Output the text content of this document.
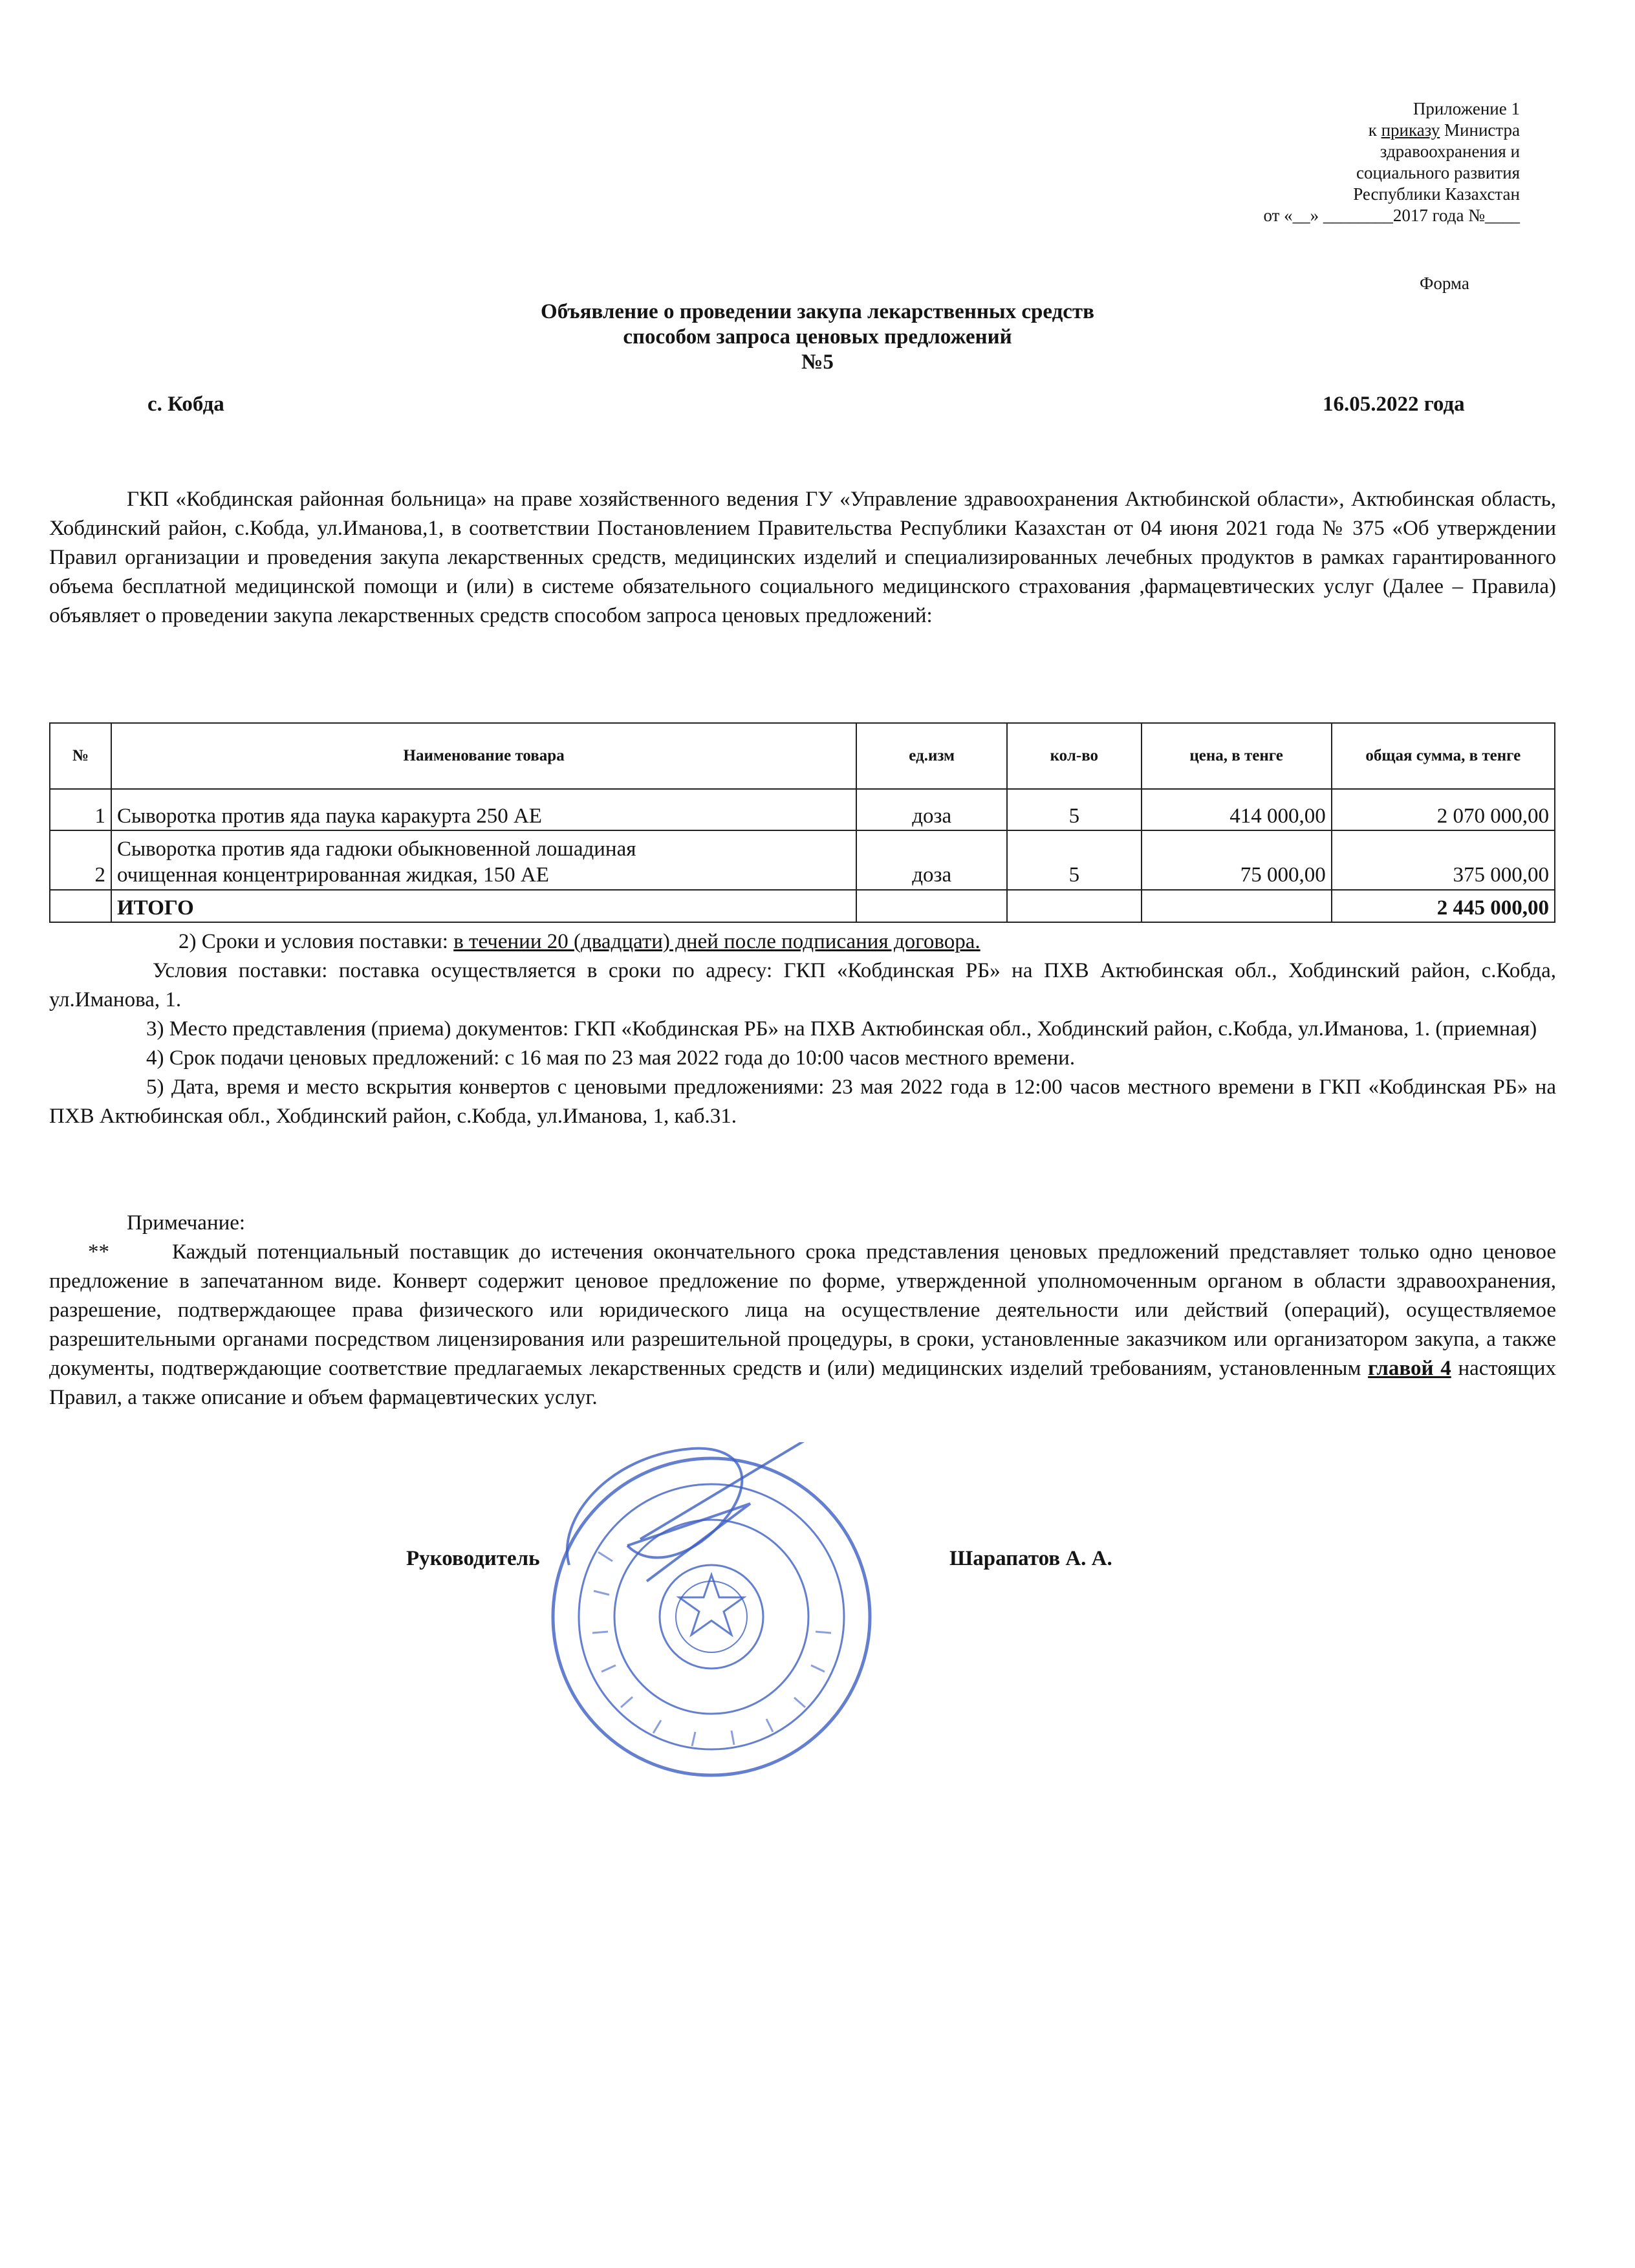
Приложение 1
к приказу Министра
здравоохранения и
социального развития
Республики Казахстан
от «__» ________2017 года №____
Форма
Объявление о проведении закупа лекарственных средств
способом запроса ценовых предложений
№5
с. Кобда	16.05.2022 года
ГКП «Кобдинская районная больница» на праве хозяйственного ведения ГУ «Управление здравоохранения Актюбинской области», Актюбинская область, Хобдинский район, с.Кобда, ул.Иманова,1, в соответствии Постановлением Правительства Республики Казахстан от 04 июня 2021 года № 375 «Об утверждении Правил организации и проведения закупа лекарственных средств, медицинских изделий и специализированных лечебных продуктов в рамках гарантированного объема бесплатной медицинской помощи и (или) в системе обязательного социального медицинского страхования ,фармацевтических услуг (Далее – Правила) объявляет о проведении закупа лекарственных средств способом запроса ценовых предложений:
№	Наименование товара	ед.изм	кол-во	цена, в тенге	общая сумма, в тенге
1	Сыворотка против яда паука каракурта 250 АЕ	доза	5	414 000,00	2 070 000,00
2	Сыворотка против яда гадюки обыкновенной лошадиная
очищенная концентрированная жидкая, 150 АЕ	доза	5	75 000,00	375 000,00
	ИТОГО				2 445 000,00

2) Сроки и условия поставки: в течении 20 (двадцати) дней после подписания договора.

Условия поставки: поставка осуществляется в сроки по адресу: ГКП «Кобдинская РБ» на ПХВ Актюбинская обл., Хобдинский район, с.Кобда, ул.Иманова, 1.

3) Место представления (приема) документов: ГКП «Кобдинская РБ» на ПХВ Актюбинская обл., Хобдинский район, с.Кобда, ул.Иманова, 1. (приемная)

4) Срок подачи ценовых предложений: с 16 мая по 23 мая 2022 года до 10:00 часов местного времени.

5) Дата, время и место вскрытия конвертов с ценовыми предложениями: 23 мая 2022 года в 12:00 часов местного времени в ГКП «Кобдинская РБ» на ПХВ Актюбинская обл., Хобдинский район, с.Кобда, ул.Иманова, 1, каб.31.

Примечание:

**	Каждый потенциальный поставщик до истечения окончательного срока представления ценовых предложений представляет только одно ценовое предложение в запечатанном виде. Конверт содержит ценовое предложение по форме, утвержденной уполномоченным органом в области здравоохранения, разрешение, подтверждающее права физического или юридического лица на осуществление деятельности или действий (операций), осуществляемое разрешительными органами посредством лицензирования или разрешительной процедуры, в сроки, установленные заказчиком или организатором закупа, а также документы, подтверждающие соответствие предлагаемых лекарственных средств и (или) медицинских изделий требованиям, установленным главой 4 настоящих Правил, а также описание и объем фармацевтических услуг.

Руководитель	Шарапатов А. А.
